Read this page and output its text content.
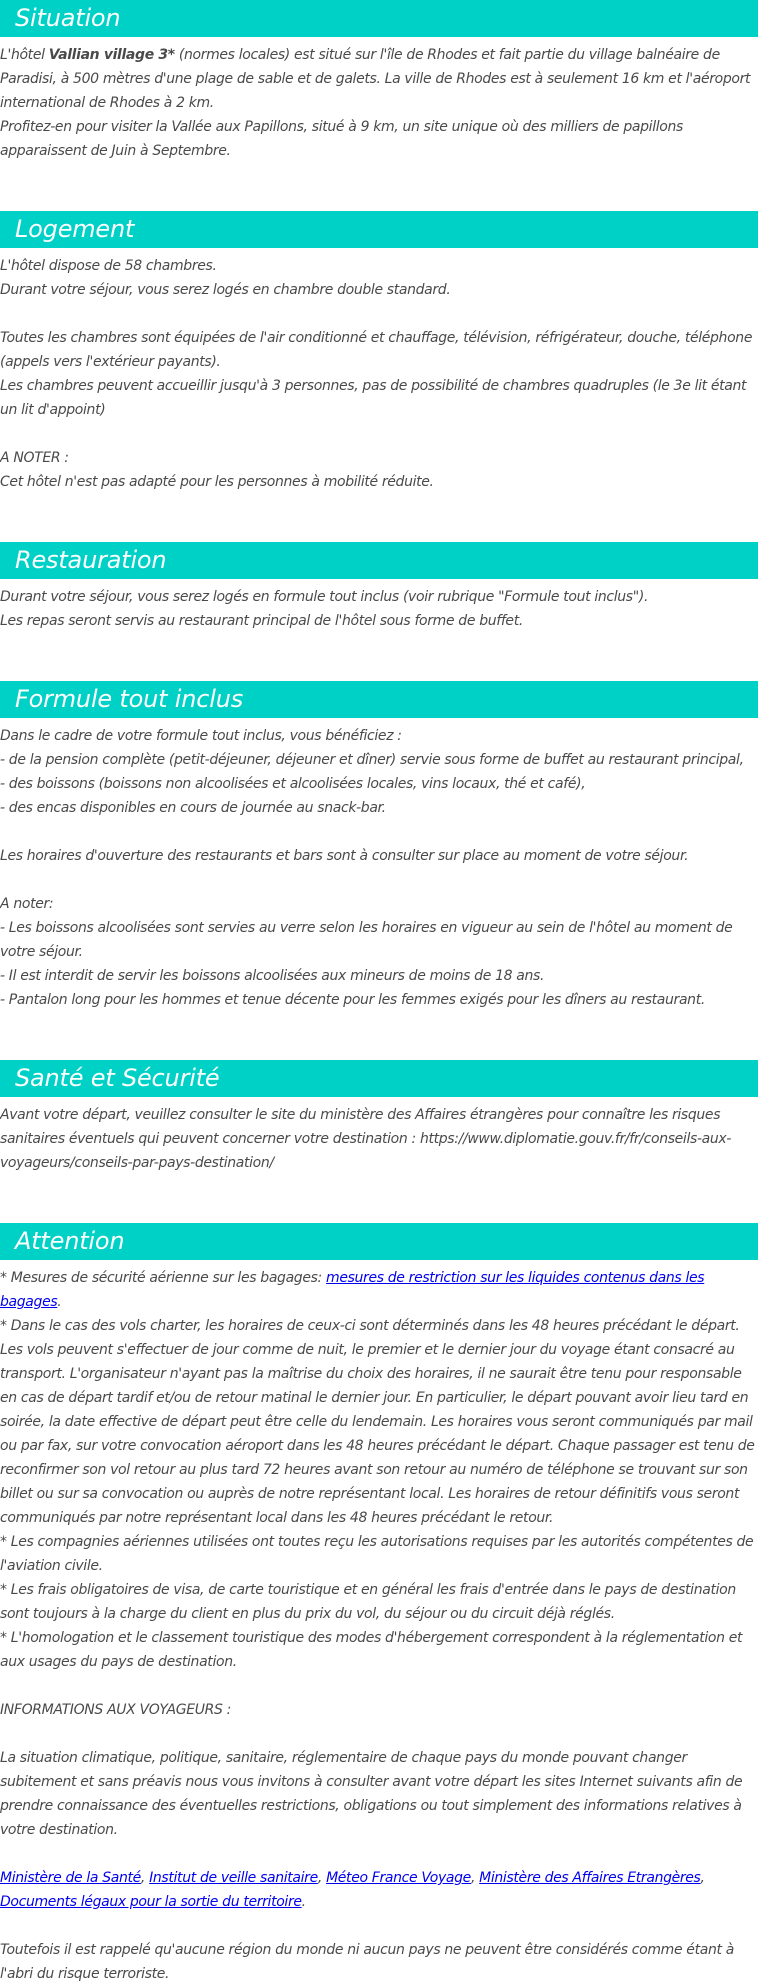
Situation

L'hôtel Vallian village 3* (normes locales) est situé sur l'île de Rhodes et fait partie du village balnéaire de Paradisi, à 500 mètres d'une plage de sable et de galets. La ville de Rhodes est à seulement 16 km et l'aéroport international de Rhodes à 2 km.

Profitez-en pour visiter la Vallée aux Papillons, situé à 9 km, un site unique où des milliers de papillons apparaissent de Juin à Septembre.

Logement

L'hôtel dispose de 58 chambres.

Durant votre séjour, vous serez logés en chambre double standard.

Toutes les chambres sont équipées de l'air conditionné et chauffage, télévision, réfrigérateur, douche, téléphone (appels vers l'extérieur payants).

Les chambres peuvent accueillir jusqu'à 3 personnes, pas de possibilité de chambres quadruples (le 3e lit étant un lit d'appoint)

A NOTER :

Cet hôtel n'est pas adapté pour les personnes à mobilité réduite.

Restauration

Durant votre séjour, vous serez logés en formule tout inclus (voir rubrique "Formule tout inclus").

Les repas seront servis au restaurant principal de l'hôtel sous forme de buffet.

Formule tout inclus

Dans le cadre de votre formule tout inclus, vous bénéficiez :

- de la pension complète (petit-déjeuner, déjeuner et dîner) servie sous forme de buffet au restaurant principal,

- des boissons (boissons non alcoolisées et alcoolisées locales, vins locaux, thé et café),

- des encas disponibles en cours de journée au snack-bar.

Les horaires d'ouverture des restaurants et bars sont à consulter sur place au moment de votre séjour.

A noter:

- Les boissons alcoolisées sont servies au verre selon les horaires en vigueur au sein de l'hôtel au moment de votre séjour.

- Il est interdit de servir les boissons alcoolisées aux mineurs de moins de 18 ans.

- Pantalon long pour les hommes et tenue décente pour les femmes exigés pour les dîners au restaurant.

Santé et Sécurité

Avant votre départ, veuillez consulter le site du ministère des Affaires étrangères pour connaître les risques sanitaires éventuels qui peuvent concerner votre destination : https://www.diplomatie.gouv.fr/fr/conseils-aux-voyageurs/conseils-par-pays-destination/

Attention

* Mesures de sécurité aérienne sur les bagages: mesures de restriction sur les liquides contenus dans les bagages.

* Dans le cas des vols charter, les horaires de ceux-ci sont déterminés dans les 48 heures précédant le départ. Les vols peuvent s'effectuer de jour comme de nuit, le premier et le dernier jour du voyage étant consacré au transport. L'organisateur n'ayant pas la maîtrise du choix des horaires, il ne saurait être tenu pour responsable en cas de départ tardif et/ou de retour matinal le dernier jour. En particulier, le départ pouvant avoir lieu tard en soirée, la date effective de départ peut être celle du lendemain. Les horaires vous seront communiqués par mail ou par fax, sur votre convocation aéroport dans les 48 heures précédant le départ. Chaque passager est tenu de reconfirmer son vol retour au plus tard 72 heures avant son retour au numéro de téléphone se trouvant sur son billet ou sur sa convocation ou auprès de notre représentant local. Les horaires de retour définitifs vous seront communiqués par notre représentant local dans les 48 heures précédant le retour.

* Les compagnies aériennes utilisées ont toutes reçu les autorisations requises par les autorités compétentes de l'aviation civile.

* Les frais obligatoires de visa, de carte touristique et en général les frais d'entrée dans le pays de destination sont toujours à la charge du client en plus du prix du vol, du séjour ou du circuit déjà réglés.

* L'homologation et le classement touristique des modes d'hébergement correspondent à la réglementation et aux usages du pays de destination.

INFORMATIONS AUX VOYAGEURS :

La situation climatique, politique, sanitaire, réglementaire de chaque pays du monde pouvant changer subitement et sans préavis nous vous invitons à consulter avant votre départ les sites Internet suivants afin de prendre connaissance des éventuelles restrictions, obligations ou tout simplement des informations relatives à votre destination.

Ministère de la Santé, Institut de veille sanitaire, Méteo France Voyage, Ministère des Affaires Etrangères, Documents légaux pour la sortie du territoire.

Toutefois il est rappelé qu'aucune région du monde ni aucun pays ne peuvent être considérés comme étant à l'abri du risque terroriste.
